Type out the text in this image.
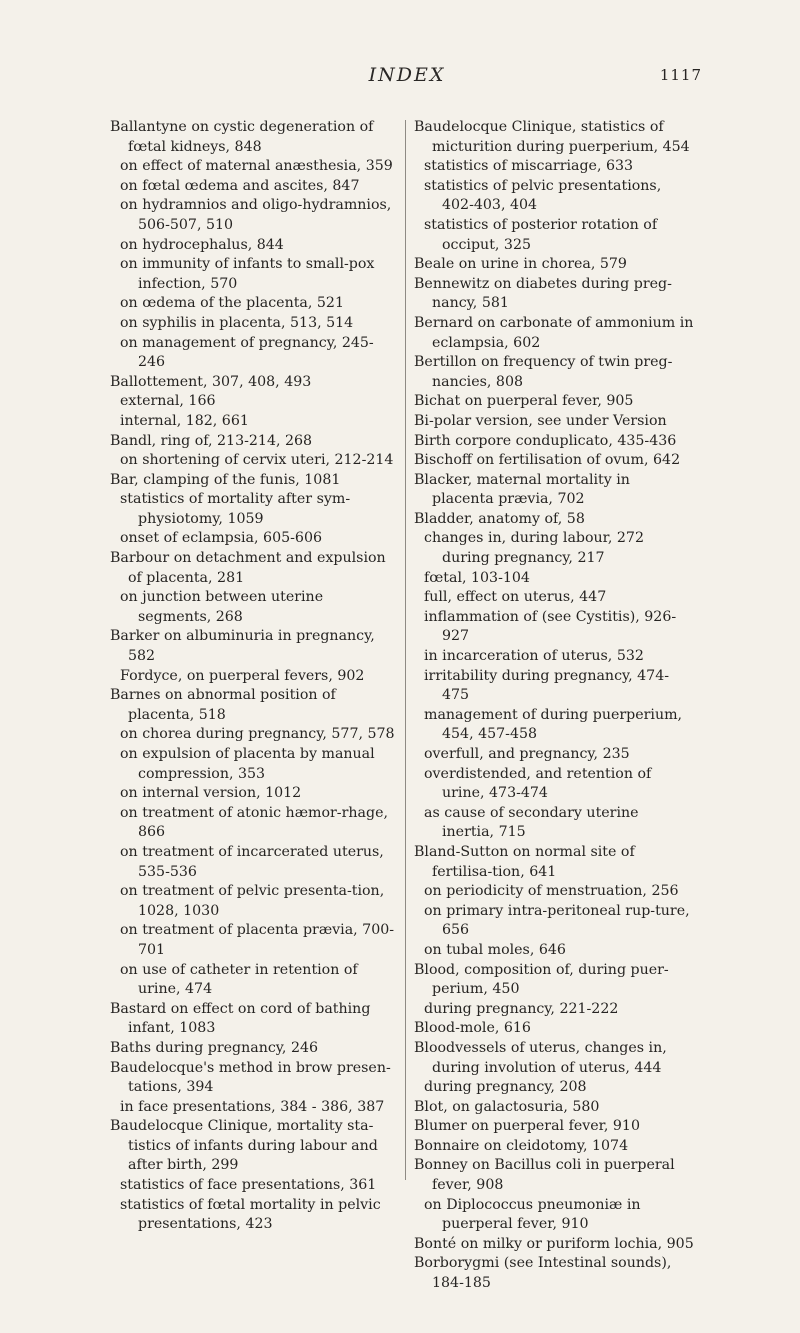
INDEX	1117
Ballantyne on cystic degeneration of fœtal kidneys, 848
on effect of maternal anæsthesia, 359
on fœtal œdema and ascites, 847
on hydramnios and oligo-hydramnios, 506-507, 510
on hydrocephalus, 844
on immunity of infants to small-pox infection, 570
on œdema of the placenta, 521
on syphilis in placenta, 513, 514
on management of pregnancy, 245-246
Ballottement, 307, 408, 493
external, 166
internal, 182, 661
Bandl, ring of, 213-214, 268
on shortening of cervix uteri, 212-214
Bar, clamping of the funis, 1081
statistics of mortality after sym-physiotomy, 1059
onset of eclampsia, 605-606
Barbour on detachment and expulsion of placenta, 281
on junction between uterine segments, 268
Barker on albuminuria in pregnancy, 582
Fordyce, on puerperal fevers, 902
Barnes on abnormal position of placenta, 518
on chorea during pregnancy, 577, 578
on expulsion of placenta by manual compression, 353
on internal version, 1012
on treatment of atonic hæmor-rhage, 866
on treatment of incarcerated uterus, 535-536
on treatment of pelvic presenta-tion, 1028, 1030
on treatment of placenta prævia, 700-701
on use of catheter in retention of urine, 474
Bastard on effect on cord of bathing infant, 1083
Baths during pregnancy, 246
Baudelocque's method in brow presen-tations, 394
in face presentations, 384 - 386, 387
Baudelocque Clinique, mortality sta-tistics of infants during labour and after birth, 299
statistics of face presentations, 361
statistics of fœtal mortality in pelvic presentations, 423
Baudelocque Clinique, statistics of micturition during puerperium, 454
statistics of miscarriage, 633
statistics of pelvic presentations, 402-403, 404
statistics of posterior rotation of occiput, 325
Beale on urine in chorea, 579
Bennewitz on diabetes during preg-nancy, 581
Bernard on carbonate of ammonium in eclampsia, 602
Bertillon on frequency of twin preg-nancies, 808
Bichat on puerperal fever, 905
Bi-polar version, see under Version
Birth corpore conduplicato, 435-436
Bischoff on fertilisation of ovum, 642
Blacker, maternal mortality in placenta prævia, 702
Bladder, anatomy of, 58
changes in, during labour, 272 during pregnancy, 217
fœtal, 103-104
full, effect on uterus, 447
inflammation of (see Cystitis), 926-927
in incarceration of uterus, 532
irritability during pregnancy, 474-475
management of during puerperium, 454, 457-458
overfull, and pregnancy, 235
overdistended, and retention of urine, 473-474
as cause of secondary uterine inertia, 715
Bland-Sutton on normal site of fertilisa-tion, 641
on periodicity of menstruation, 256
on primary intra-peritoneal rup-ture, 656
on tubal moles, 646
Blood, composition of, during puer-perium, 450
during pregnancy, 221-222
Blood-mole, 616
Bloodvessels of uterus, changes in, during involution of uterus, 444
during pregnancy, 208
Blot, on galactosuria, 580
Blumer on puerperal fever, 910
Bonnaire on cleidotomy, 1074
Bonney on Bacillus coli in puerperal fever, 908
on Diplococcus pneumoniæ in puerperal fever, 910
Bonté on milky or puriform lochia, 905
Borborygmi (see Intestinal sounds), 184-185
